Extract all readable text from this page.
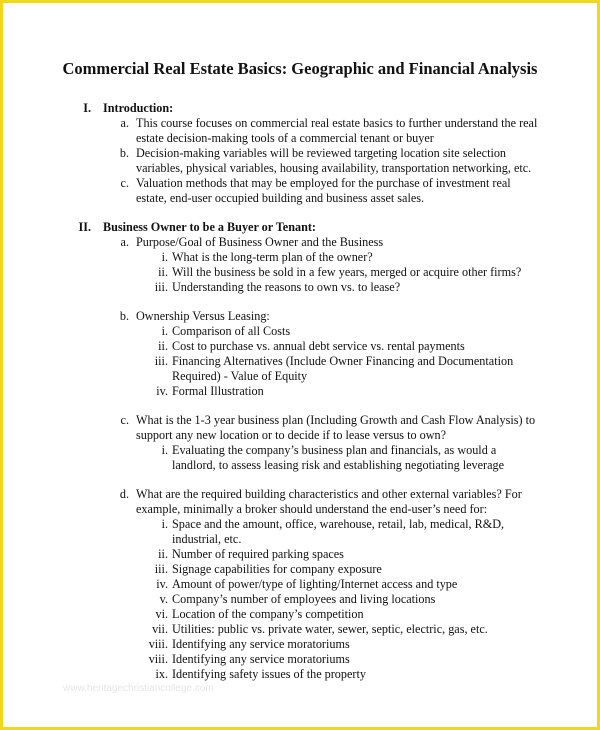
Commercial Real Estate Basics: Geographic and Financial Analysis
I. Introduction:
a. This course focuses on commercial real estate basics to further understand the real
estate decision-making tools of a commercial tenant or buyer
b. Decision-making variables will be reviewed targeting location site selection
variables, physical variables, housing availability, transportation networking, etc.
c. Valuation methods that may be employed for the purchase of investment real
estate, end-user occupied building and business asset sales.
II. Business Owner to be a Buyer or Tenant:
a. Purpose/Goal of Business Owner and the Business
i. What is the long-term plan of the owner?
ii. Will the business be sold in a few years, merged or acquire other firms?
iii. Understanding the reasons to own vs. to lease?
b. Ownership Versus Leasing:
i. Comparison of all Costs
ii. Cost to purchase vs. annual debt service vs. rental payments
iii. Financing Alternatives (Include Owner Financing and Documentation
Required) - Value of Equity
iv. Formal Illustration
c. What is the 1-3 year business plan (Including Growth and Cash Flow Analysis) to
support any new location or to decide if to lease versus to own?
i. Evaluating the company’s business plan and financials, as would a
landlord, to assess leasing risk and establishing negotiating leverage
d. What are the required building characteristics and other external variables? For
example, minimally a broker should understand the end-user’s need for:
i. Space and the amount, office, warehouse, retail, lab, medical, R&D,
industrial, etc.
ii. Number of required parking spaces
iii. Signage capabilities for company exposure
iv. Amount of power/type of lighting/Internet access and type
v. Company’s number of employees and living locations
vi. Location of the company’s competition
vii. Utilities: public vs. private water, sewer, septic, electric, gas, etc.
viii. Identifying any service moratoriums
viii. Identifying any service moratoriums
ix. Identifying safety issues of the property
www.heritagechristiancollege.com
